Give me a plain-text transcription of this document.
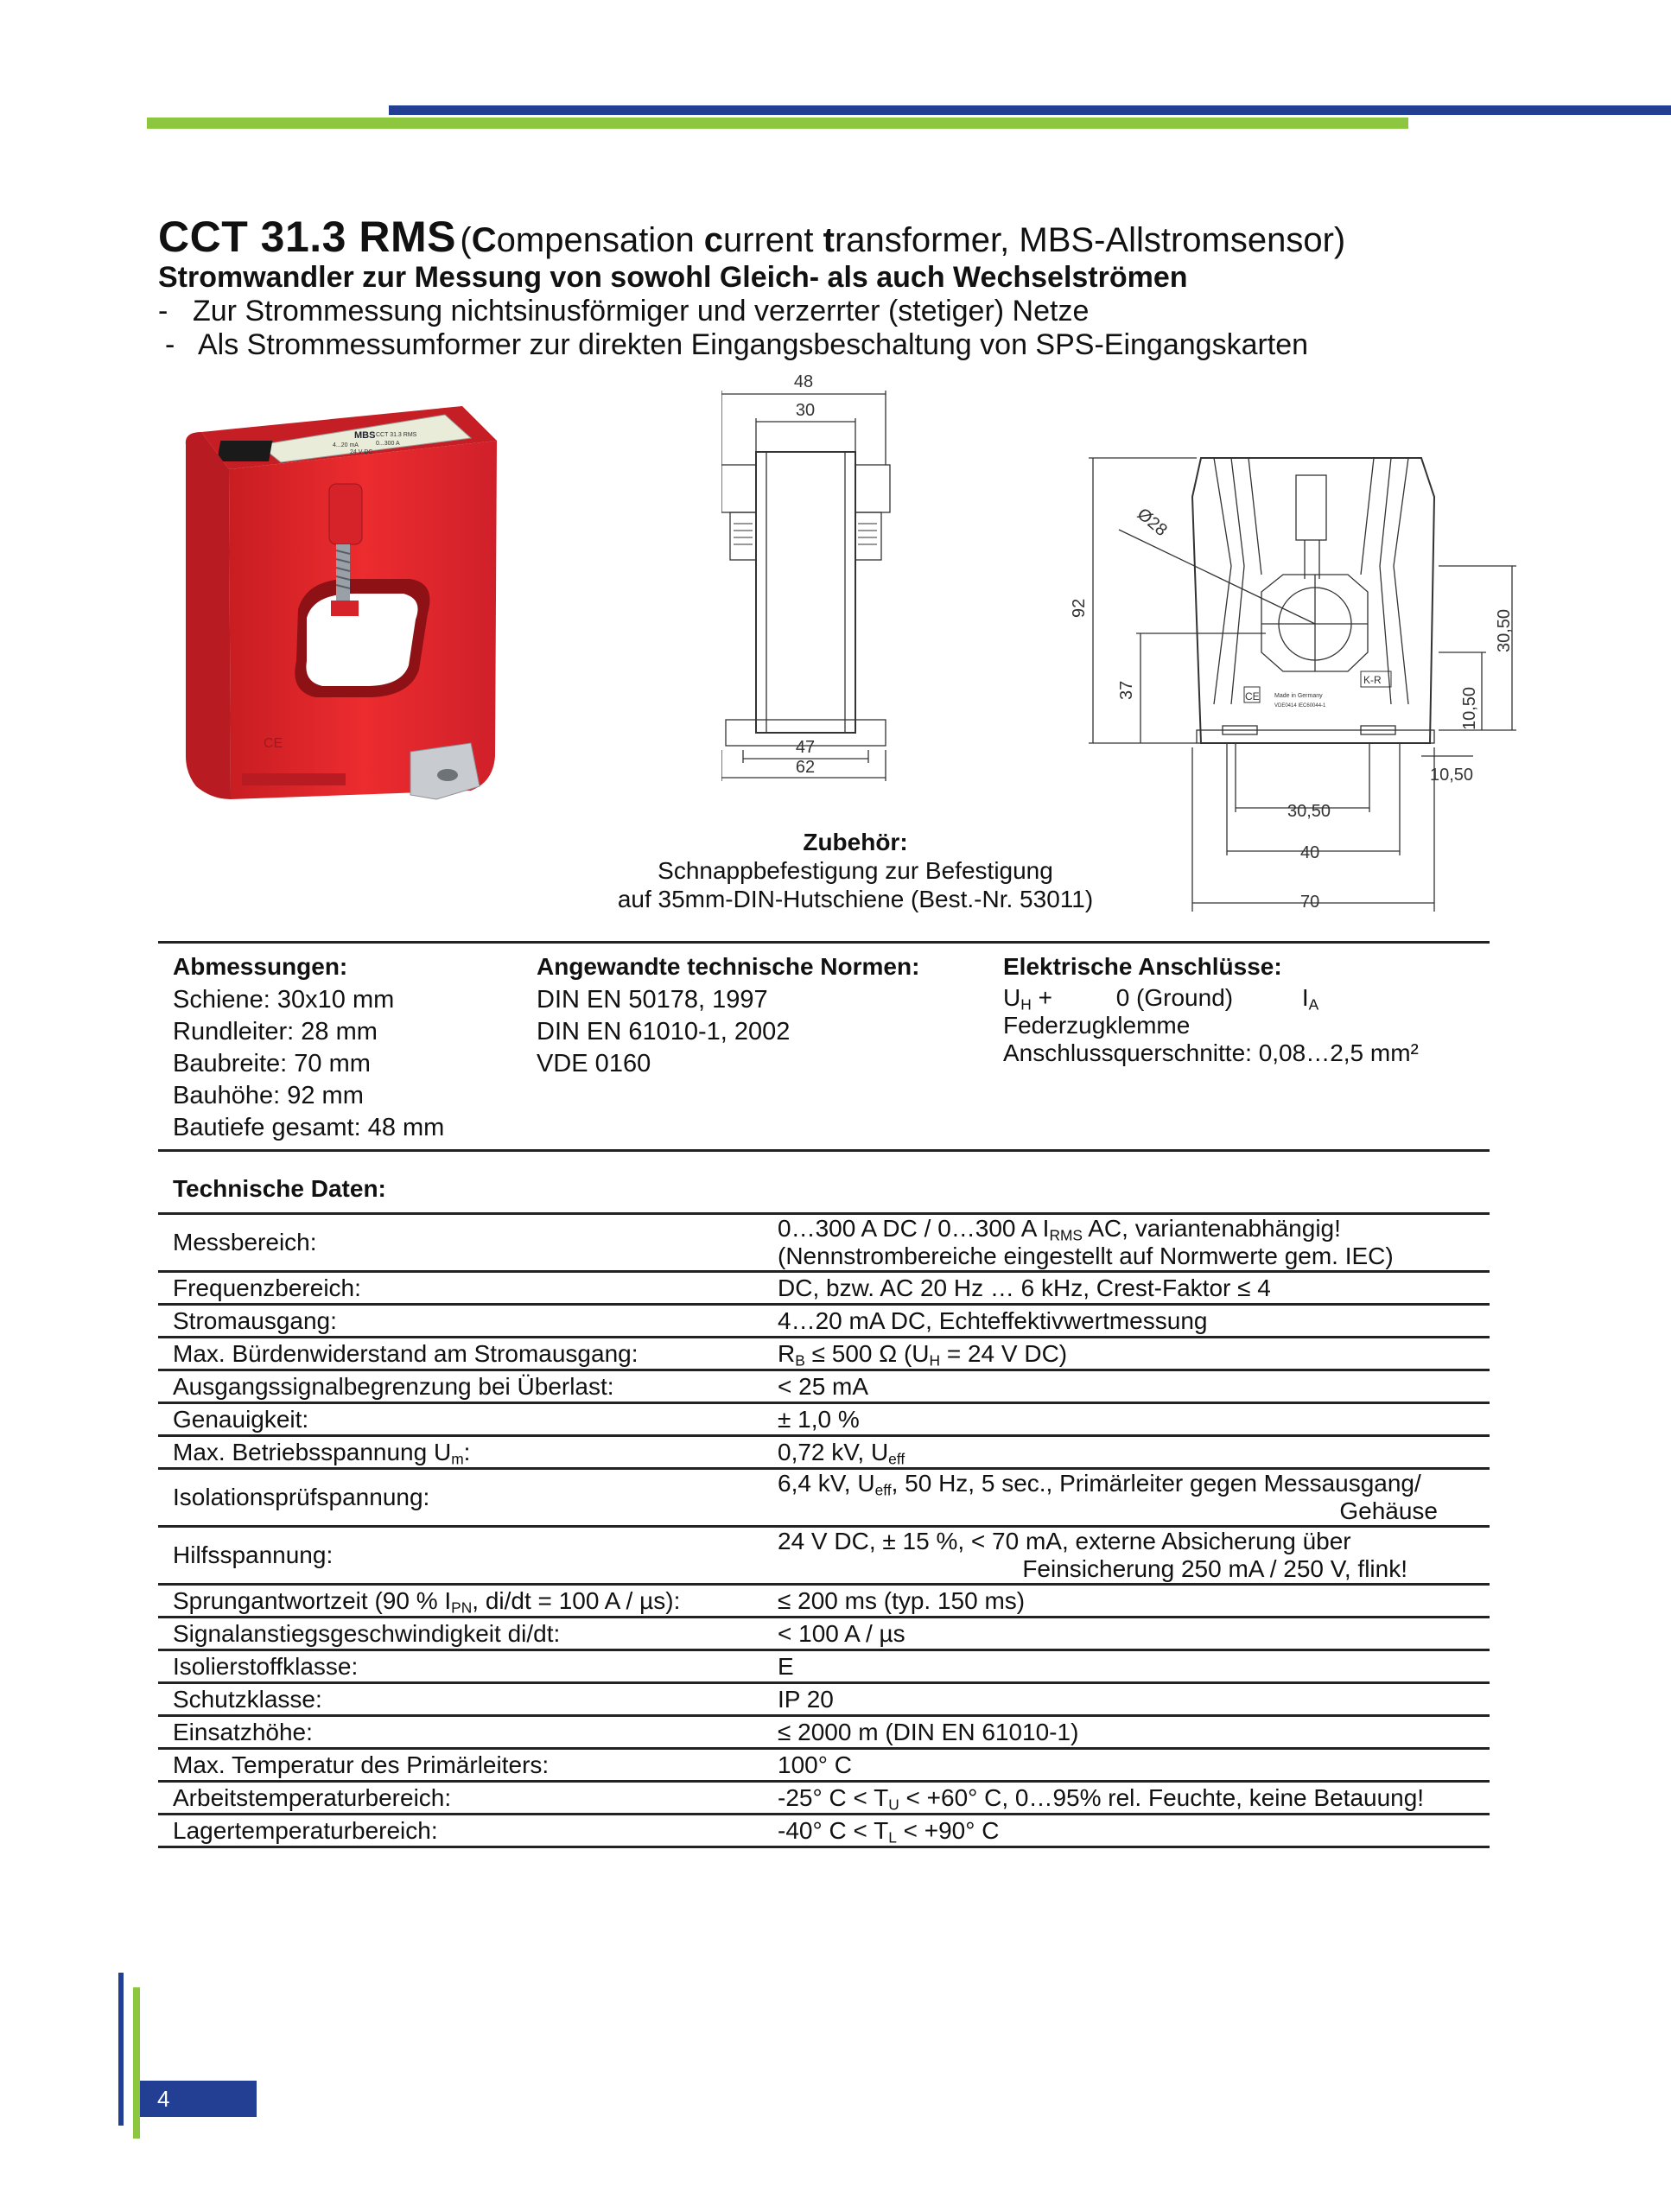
CCT 31.3 RMS (Compensation current transformer, MBS-Allstromsensor)
Stromwandler zur Messung von sowohl Gleich- als auch Wechselströmen
- Zur Strommessung nichtsinusförmiger und verzerrter (stetiger) Netze
- Als Strommessumformer zur direkten Eingangsbeschaltung von SPS-Eingangskarten
MBS CCT 31.3 RMS
4...20 mA	0...300 A
24 V DC
CE
48
30
47
62
CE
K-R
Made in Germany
VDE0414 IEC60044-1
Ø28
92
37
30,50
10,50
10,50
30,50
40
70
Zubehör:
Schnappbefestigung zur Befestigung
auf 35mm-DIN-Hutschiene (Best.-Nr. 53011)
Abmessungen:
Schiene: 30x10 mm
Rundleiter: 28 mm
Baubreite: 70 mm
Bauhöhe: 92 mm
Bautiefe gesamt: 48 mm
Angewandte technische Normen:
DIN EN 50178, 1997
DIN EN 61010-1, 2002
VDE 0160
Elektrische Anschlüsse:
$U_H$ +	0 (Ground)	$I_A$
Federzugklemme
Anschlussquerschnitte: 0,08…2,5 mm²
Technische Daten:
Messbereich:	0…300 A DC / 0…300 A $I_{RMS}$ AC, variantenabhängig!
(Nennstrombereiche eingestellt auf Normwerte gem. IEC)

Frequenzbereich:	DC, bzw. AC 20 Hz … 6 kHz, Crest-Faktor ≤ 4
Stromausgang:	4…20 mA DC, Echteffektivwertmessung
Max. Bürdenwiderstand am Stromausgang:	$R_B \le 500$ Ω ($U_H = 24$ V DC)
Ausgangssignalbegrenzung bei Überlast:	< 25 mA
Genauigkeit:	± 1,0 %
Max. Betriebsspannung $U_m$:	0,72 kV, $U_{eff}$
Isolationsprüfspannung:	6,4 kV, $U_{eff}$, 50 Hz, 5 sec., Primärleiter gegen Messausgang/
Gehäuse

Hilfsspannung:	24 V DC, ± 15 %, < 70 mA, externe Absicherung über
Feinsicherung 250 mA / 250 V, flink!

Sprungantwortzeit (90 % $I_{PN}$, di/dt = 100 A / µs):	≤ 200 ms (typ. 150 ms)
Signalanstiegsgeschwindigkeit di/dt:	< 100 A / µs
Isolierstoffklasse:	E
Schutzklasse:	IP 20
Einsatzhöhe:	≤ 2000 m (DIN EN 61010-1)
Max. Temperatur des Primärleiters:	100° C
Arbeitstemperaturbereich:	-25° $C < T_U < +60^\circ$ C, 0…95% rel. Feuchte, keine Betauung!
Lagertemperaturbereich:	-40° $C < T_L < +90^\circ$ C
4
